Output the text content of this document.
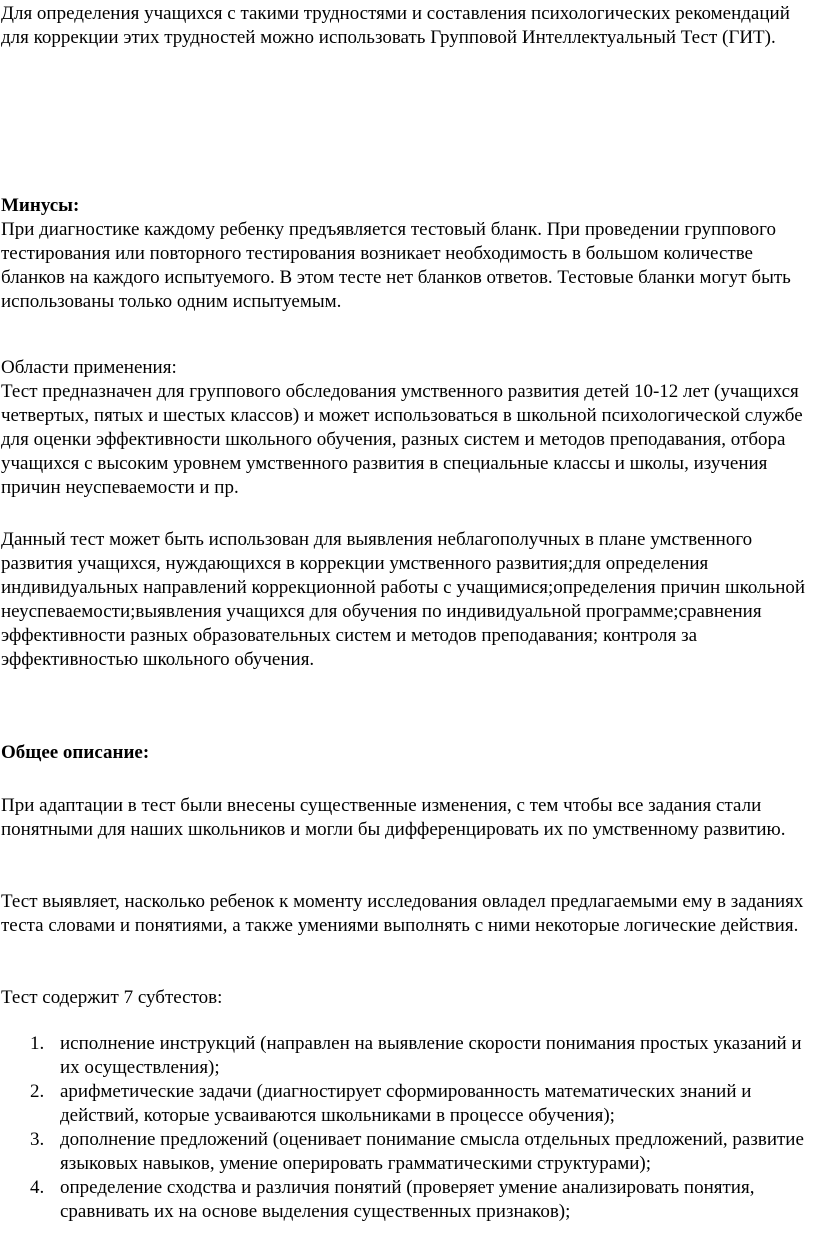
Для определения учащихся с такими трудностями и составления психологических рекомендаций для коррекции этих трудностей можно использовать Групповой Интеллектуальный Тест (ГИТ).

Минусы:

При диагностике каждому ребенку предъявляется тестовый бланк. При проведении группового тестирования или повторного тестирования возникает необходимость в большом количестве бланков на каждого испытуемого. В этом тесте нет бланков ответов. Тестовые бланки могут быть использованы только одним испытуемым.

Области применения:

Тест предназначен для группового обследования умственного развития детей 10-12 лет (учащихся четвертых, пятых и шестых классов) и может использоваться в школьной психологической службе для оценки эффективности школьного обучения, разных систем и методов преподавания, отбора учащихся с высоким уровнем умственного развития в специальные классы и школы, изучения причин неуспеваемости и пр.

Данный тест может быть использован для выявления неблагополучных в плане умственного развития учащихся, нуждающихся в коррекции умственного развития;для определения индивидуальных направлений коррекционной работы с учащимися;определения причин школьной неуспеваемости;выявления учащихся для обучения по индивидуальной программе;сравнения эффективности разных образовательных систем и методов преподавания; контроля за эффективностью школьного обучения.

Общее описание:

При адаптации в тест были внесены существенные изменения, с тем чтобы все задания стали понятными для наших школьников и могли бы дифференцировать их по умственному развитию.

Тест выявляет, насколько ребенок к моменту исследования овладел предлагаемыми ему в заданиях теста словами и понятиями, а также умениями выполнять с ними некоторые логические действия.

Тест содержит 7 субтестов:

1. исполнение инструкций (направлен на выявление скорости понимания простых указаний и их осуществления);
2. арифметические задачи (диагностирует сформированность математических знаний и действий, которые усваиваются школьниками в процессе обучения);
3. дополнение предложений (оценивает понимание смысла отдельных предложений, развитие языковых навыков, умение оперировать грамматическими структурами);
4. определение сходства и различия понятий (проверяет умение анализировать понятия, сравнивать их на основе выделения существенных признаков);
